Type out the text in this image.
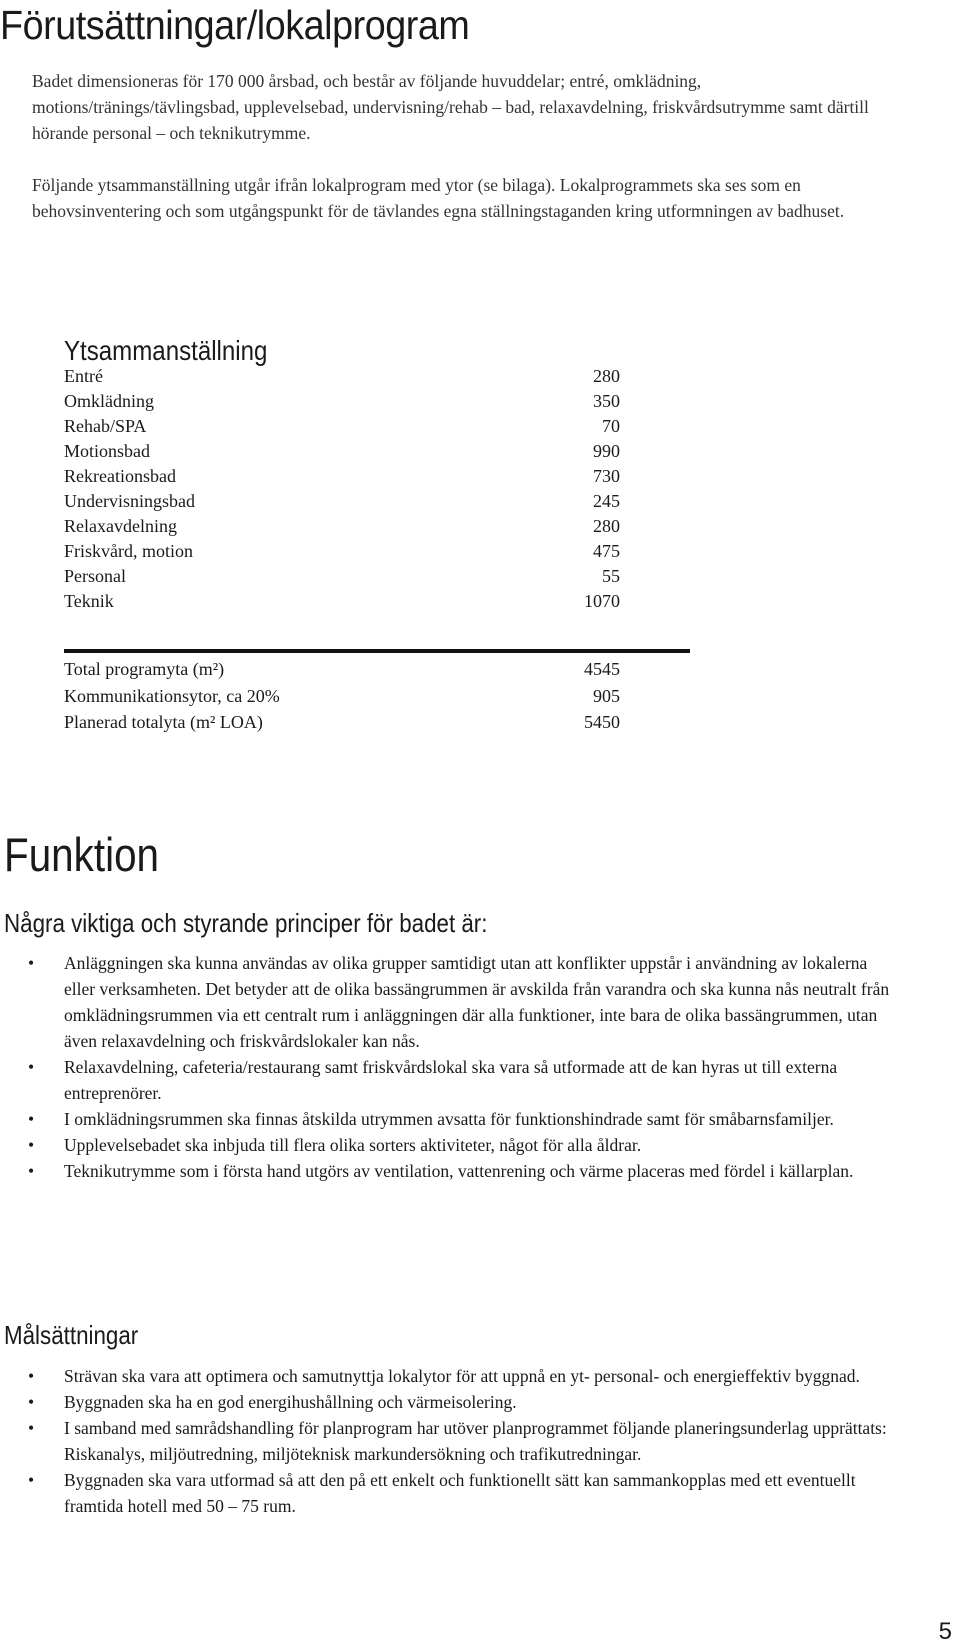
Förutsättningar/lokalprogram

Badet dimensioneras för 170 000 årsbad, och består av följande huvuddelar; entré, omklädning, motions/tränings/tävlingsbad, upplevelsebad, undervisning/rehab – bad, relaxavdelning, friskvårdsutrymme samt därtill hörande personal – och teknikutrymme.

Följande ytsammanställning utgår ifrån lokalprogram med ytor (se bilaga). Lokalprogrammets ska ses som en behovsinventering och som utgångspunkt för de tävlandes egna ställningstaganden kring utformningen av badhuset.

Ytsammanställning
Entré	280
Omklädning	350
Rehab/SPA	70
Motionsbad	990
Rekreationsbad	730
Undervisningsbad	245
Relaxavdelning	280
Friskvård, motion	475
Personal	55
Teknik	1070
Total programyta (m²)	4545
Kommunikationsytor, ca 20%	905
Planerad totalyta (m² LOA)	5450
Funktion
Några viktiga och styrande principer för badet är:
• Anläggningen ska kunna användas av olika grupper samtidigt utan att konflikter uppstår i användning av lokalerna eller verksamheten. Det betyder att de olika bassängrummen är avskilda från varandra och ska kunna nås neutralt från omklädningsrummen via ett centralt rum i anläggningen där alla funktioner, inte bara de olika bassängrummen, utan även relaxavdelning och friskvårdslokaler kan nås.
• Relaxavdelning, cafeteria/restaurang samt friskvårdslokal ska vara så utformade att de kan hyras ut till externa entreprenörer.
• I omklädningsrummen ska finnas åtskilda utrymmen avsatta för funktionshindrade samt för småbarnsfamiljer.
• Upplevelsebadet ska inbjuda till flera olika sorters aktiviteter, något för alla åldrar.
• Teknikutrymme som i första hand utgörs av ventilation, vattenrening och värme placeras med fördel i källarplan.
Målsättningar
• Strävan ska vara att optimera och samutnyttja lokalytor för att uppnå en yt- personal- och energieffektiv byggnad.
• Byggnaden ska ha en god energihushållning och värmeisolering.
• I samband med samrådshandling för planprogram har utöver planprogrammet följande planeringsunderlag upprättats: Riskanalys, miljöutredning, miljöteknisk markundersökning och trafikutredningar.
• Byggnaden ska vara utformad så att den på ett enkelt och funktionellt sätt kan sammankopplas med ett eventuellt framtida hotell med 50 – 75 rum.
5
